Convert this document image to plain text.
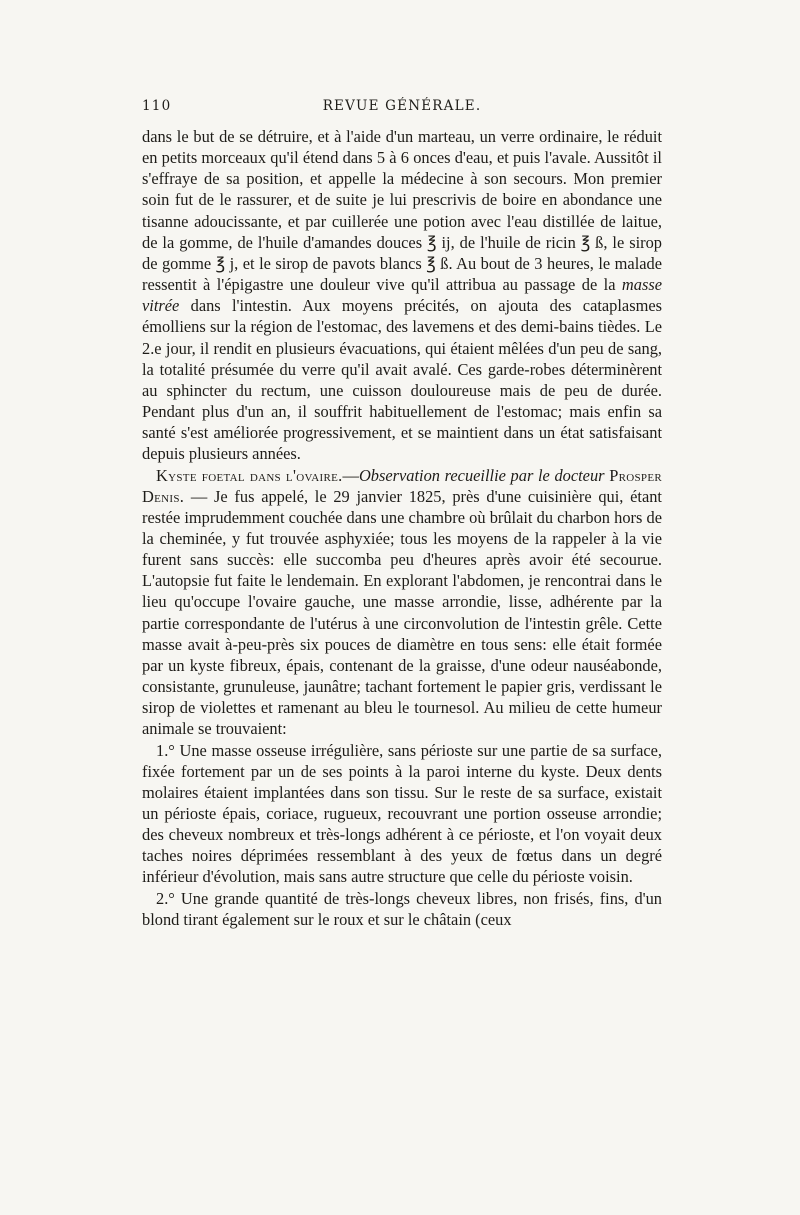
110	REVUE GÉNÉRALE.

dans le but de se détruire, et à l'aide d'un marteau, un verre ordinaire, le réduit en petits morceaux qu'il étend dans 5 à 6 onces d'eau, et puis l'avale. Aussitôt il s'effraye de sa position, et appelle la médecine à son secours. Mon premier soin fut de le rassurer, et de suite je lui prescrivis de boire en abondance une tisanne adoucissante, et par cuillerée une potion avec l'eau distillée de laitue, de la gomme, de l'huile d'amandes douces ℥ ij, de l'huile de ricin ℥ ß, le sirop de gomme ℥ j, et le sirop de pavots blancs ℥ ß. Au bout de 3 heures, le malade ressentit à l'épigastre une douleur vive qu'il attribua au passage de la masse vitrée dans l'intestin. Aux moyens précités, on ajouta des cataplasmes émolliens sur la région de l'estomac, des lavemens et des demi-bains tièdes. Le 2.e jour, il rendit en plusieurs évacuations, qui étaient mêlées d'un peu de sang, la totalité présumée du verre qu'il avait avalé. Ces garde-robes déterminèrent au sphincter du rectum, une cuisson douloureuse mais de peu de durée. Pendant plus d'un an, il souffrit habituellement de l'estomac; mais enfin sa santé s'est améliorée progressivement, et se maintient dans un état satisfaisant depuis plusieurs années.

Kyste foetal dans l'ovaire.—Observation recueillie par le docteur Prosper Denis. — Je fus appelé, le 29 janvier 1825, près d'une cuisinière qui, étant restée imprudemment couchée dans une chambre où brûlait du charbon hors de la cheminée, y fut trouvée asphyxiée; tous les moyens de la rappeler à la vie furent sans succès: elle succomba peu d'heures après avoir été secourue. L'autopsie fut faite le lendemain. En explorant l'abdomen, je rencontrai dans le lieu qu'occupe l'ovaire gauche, une masse arrondie, lisse, adhérente par la partie correspondante de l'utérus à une circonvolution de l'intestin grêle. Cette masse avait à-peu-près six pouces de diamètre en tous sens: elle était formée par un kyste fibreux, épais, contenant de la graisse, d'une odeur nauséabonde, consistante, grunuleuse, jaunâtre; tachant fortement le papier gris, verdissant le sirop de violettes et ramenant au bleu le tournesol. Au milieu de cette humeur animale se trouvaient:

1.° Une masse osseuse irrégulière, sans périoste sur une partie de sa surface, fixée fortement par un de ses points à la paroi interne du kyste. Deux dents molaires étaient implantées dans son tissu. Sur le reste de sa surface, existait un périoste épais, coriace, rugueux, recouvrant une portion osseuse arrondie; des cheveux nombreux et très-longs adhérent à ce périoste, et l'on voyait deux taches noires déprimées ressemblant à des yeux de fœtus dans un degré inférieur d'évolution, mais sans autre structure que celle du périoste voisin.

2.° Une grande quantité de très-longs cheveux libres, non frisés, fins, d'un blond tirant également sur le roux et sur le châtain (ceux
